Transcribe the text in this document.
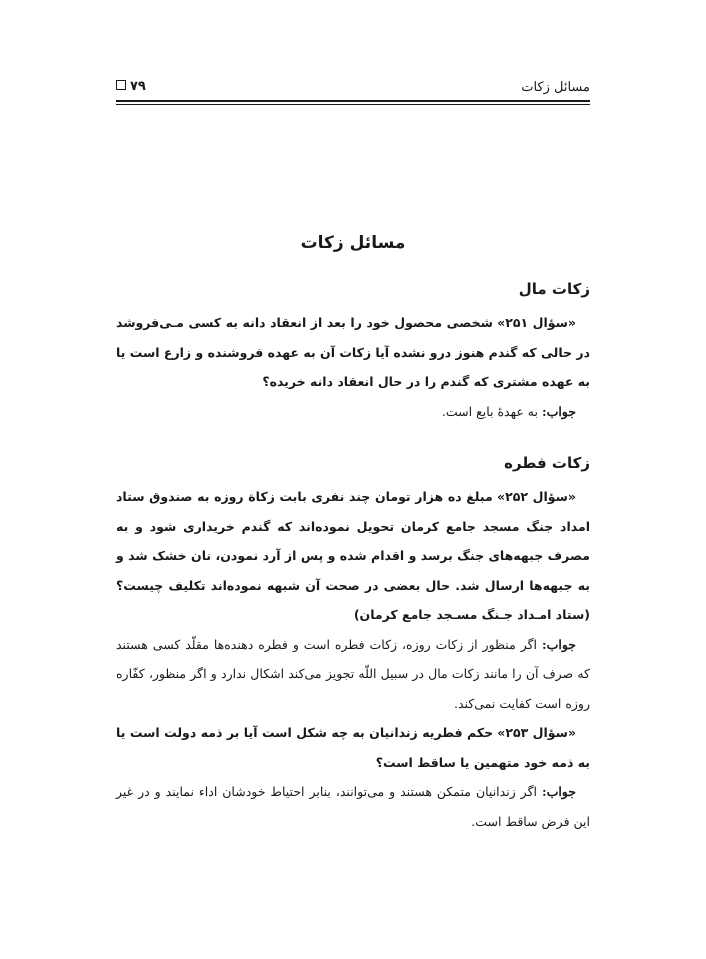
مسائل زکات
۷۹
مسائل زکات
زکات مال

«سؤال ۲۵۱» شخصی محصول خود را بعد از انعقاد دانه به کسی مـی‌فروشد در حالی که گندم هنوز درو نشده آیا زکات آن به عهده فروشنده و زارع است یا به عهده مشتری که گندم را در حال انعقاد دانه خریده؟

جواب: به عهدهٔ بایع است.

زکات فطره

«سؤال ۲۵۲» مبلغ ده هزار تومان چند نفری بابت زکاة روزه به صندوق ستاد امداد جنگ مسجد جامع کرمان تحویل نموده‌اند که گندم خریداری شود و به مصرف جبهه‌های جنگ برسد و اقدام شده و پس از آرد نمودن، نان خشک شد و به جبهه‌ها ارسال شد. حال بعضی در صحت آن شبهه نموده‌اند تکلیف چیست؟ (ستاد امـداد جـنگ مسـجد جامع کرمان)

جواب: اگر منظور از زکات روزه، زکات فطره است و فطره دهنده‌ها مقلّد کسی هستند که صرف آن را مانند زکات مال در سبیل اللّه تجویز می‌کند اشکال ندارد و اگر منظور، کفّاره روزه است کفایت نمی‌کند.

«سؤال ۲۵۳» حکم فطریه زندانیان به چه شکل است آیا بر ذمه دولت است یا به ذمه خود متهمین یا ساقط است؟

جواب: اگر زندانیان متمکن هستند و می‌توانند، بنابر احتیاط خودشان اداء نمایند و در غیر این فرض ساقط است.
